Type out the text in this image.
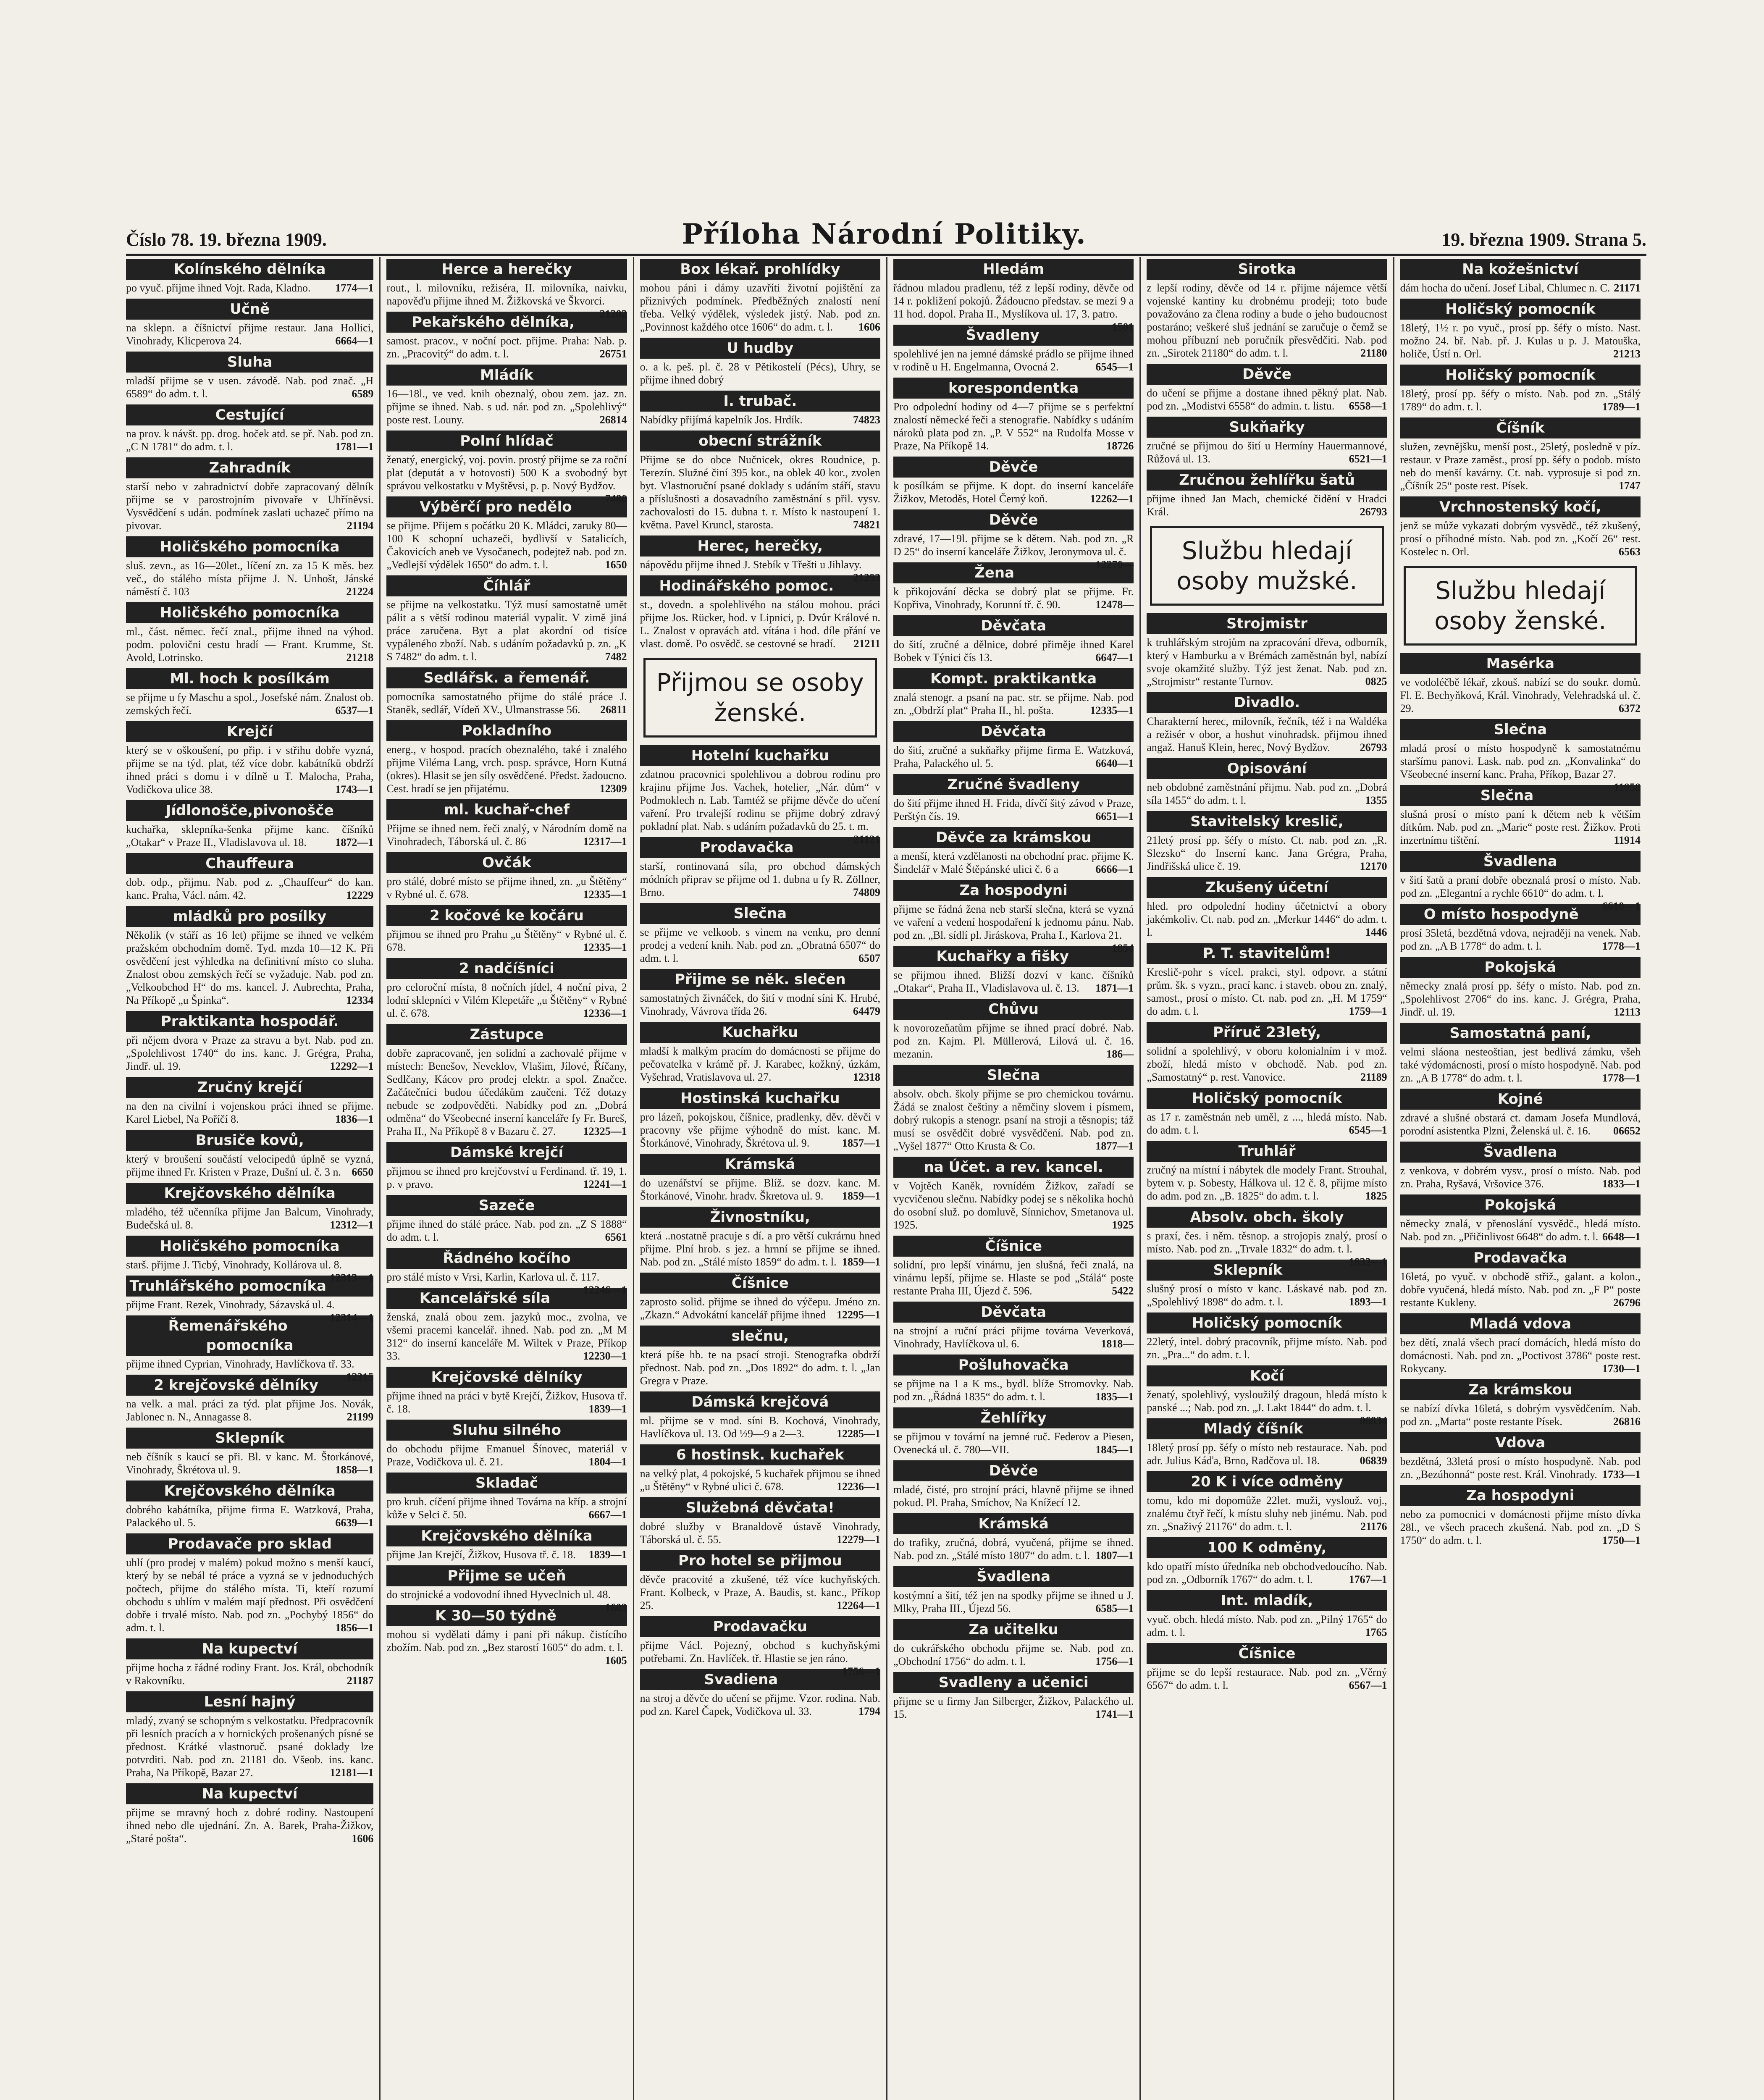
Číslo 78. 19. března 1909.	Příloha Národní Politiky.	19. března 1909. Strana 5.
Kolínského dělníka
po vyuč. přijme ihned Vojt. Rada, Kladno. 1774—1
Učně
na sklepn. a číšnictví přijme restaur. Jana Hollici, Vinohrady, Klicperova 24.	6664—1
Sluha
mladší přijme se v usen. závodě. Nab. pod znač. „H 6589“ do adm. t. l.	6589
Cestující
na prov. k návšt. pp. drog. hoček atd. se př. Nab. pod zn. „C N 1781“ do adm. t. l.	1781—1
Zahradník
starší nebo v zahradnictví dobře zapracovaný dělník přijme se v parostrojním pivovaře v Uhříněvsi. Vysvědčení s udán. podmínek zaslati uchazeč přímo na pivovar.	21194
Holičského pomocníka
sluš. zevn., as 16—20let., líčení zn. za 15 K měs. bez več., do stálého místa přijme J. N. Unhošt, Jánské náměstí č. 103	21224
Holičského pomocníka
ml., část. němec. řečí znal., přijme ihned na výhod. podm. polovični cestu hradí — Frant. Krumme, St. Avold, Lotrinsko.	21218
Ml. hoch k posílkám
se přijme u fy Maschu a spol., Josefské nám. Znalost ob. zemských řečí.	6537—1
Krejčí
který se v oškoušení, po přip. i v střihu dobře vyzná, přijme se na týd. plat, též více dobr. kabátníků obdrží ihned práci s domu i v dílně u T. Malocha, Praha, Vodičkova ulice 38.	1743—1
Jídlonošče,pivonošče
kuchařka, sklepníka-šenka přijme kanc. číšníků „Otakar“ v Praze II., Vladislavova ul. 18.	1872—1
Chauffeura
dob. odp., přijmu. Nab. pod z. „Chauffeur“ do kan. kanc. Praha, Václ. nám. 42.	12229
mládků pro posílky
Několik (v stáří as 16 let) přijme se ihned ve velkém pražském obchodním domě. Tyd. mzda 10—12 K. Při osvědčení jest výhledka na definitivní místo co sluha. Znalost obou zemských řečí se vyžaduje. Nab. pod zn. „Velkoobchod H“ do ms. kancel. J. Aubrechta, Praha, Na Příkopě „u Špinka“.	12334
Praktikanta hospodář.
při nějem dvora v Praze za stravu a byt. Nab. pod zn. „Spolehlivost 1740“ do ins. kanc. J. Grégra, Praha, Jindř. ul. 19.	12292—1
Zručný krejčí
na den na civilní i vojenskou práci ihned se přijme. Karel Liebel, Na Poříčí 8.	1836—1
Brusiče kovů,
který v broušení součástí velocipedů úplně se vyzná, přijme ihned Fr. Kristen v Praze, Dušní ul. č. 3 n. 6650
Krejčovského dělníka
mladého, též učenníka přijme Jan Balcum, Vinohrady, Budečská ul. 8.	12312—1
Holičského pomocníka
starš. přijme J. Ticbý, Vinohrady, Kollárova ul. 8.
12313—1
Truhlářského pomocníka
přijme Frant. Rezek, Vinohrady, Sázavská ul. 4.
12314—1
Řemenářského pomocníka
přijme ihned Cyprian, Vinohrady, Havlíčkova tř. 33.
12315
2 krejčovské dělníky
na velk. a mal. práci za týd. plat přijme Jos. Novák, Jablonec n. N., Annagasse 8.	21199
Sklepník
neb číšník s kaucí se při. Bl. v kanc. M. Štorkánové, Vinohrady, Škrétova ul. 9.	1858—1
Krejčovského dělníka
dobrého kabátníka, přijme firma E. Watzková, Praha, Palackého ul. 5.	6639—1
Prodavače pro sklad
uhlí (pro prodej v malém) pokud možno s menší kaucí, který by se nebál té práce a vyzná se v jednoduchých počtech, přijme do stálého místa. Ti, kteří rozumí obchodu s uhlím v malém mají přednost. Při osvědčení dobře i trvalé místo. Nab. pod zn. „Pochybý 1856“ do adm. t. l.	1856—1
Na kupectví
přijme hocha z řádné rodiny Frant. Jos. Král, obchodník v Rakovníku.	21187
Lesní hajný
mladý, zvaný se schopným s velkostatku. Předpracovník při lesních pracích a v hornických prošenaných písné se přednost. Krátké vlastnoruč. psané doklady lze potvrditi. Nab. pod zn. 21181 do. Všeob. ins. kanc. Praha, Na Příkopě, Bazar 27.	12181—1
Na kupectví
přijme se mravný hoch z dobré rodiny. Nastoupení ihned nebo dle ujednání. Zn. A. Barek, Praha-Žižkov, „Staré pošta“.	1606
Herce a herečky
rout., l. milovníku, režiséra, II. milovníka, naivku, napověďu přijme ihned M. Žižkovská ve Škvorci.
21202
Pekařského dělníka,
samost. pracov., v noční poct. přijme. Praha: Nab. p. zn. „Pracovitý“ do adm. t. l.	26751
Mládík
16—18l., ve ved. knih obeznalý, obou zem. jaz. zn. přijme se ihned. Nab. s ud. nár. pod zn. „Spolehlivý“ poste rest. Louny.	26814
Polní hlídač
ženatý, energický, voj. povin. prostý přijme se za roční plat (deputát a v hotovosti) 500 K a svobodný byt správou velkostatku v Myštěvsi, p. p. Nový Bydžov.
7480
Výběrčí pro nedělo
se přijme. Přijem s počátku 20 K. Mládci, zaruky 80—100 K schopní uchazeči, bydlivší v Satalicích, Čakovicích aneb ve Vysočanech, podejtež nab. pod zn. „Vedlejší výdělek 1650“ do adm. t. l.	1650
Číhlář
se přijme na velkostatku. Týž musí samostatně umět pálit a s větší rodinou materiál vypalit. V zimě jiná práce zaručena. Byt a plat akordní od tisíce vypáleného zboží. Nab. s udáním požadavků p. zn. „K S 7482“ do adm. t. l.	7482
Sedlářsk. a řemenář.
pomocníka samostatného přijme do stálé práce J. Staněk, sedlář, Vídeň XV., Ulmanstrasse 56. 26811
Pokladního
energ., v hospod. pracích obeznalého, také i znalého přijme Viléma Lang, vrch. posp. správce, Horn Kutná (okres). Hlasit se jen síly osvědčené. Předst. žadoucno. Cest. hradí se jen přijatému.	12309
ml. kuchař-chef
Přijme se ihned nem. řeči znalý, v Národním domě na Vinohradech, Táborská ul. č. 86	12317—1
Ovčák
pro stálé, dobré místo se přijme ihned, zn. „u Štětěny“ v Rybné ul. č. 678.	12335—1
2 kočové ke kočáru
přijmou se ihned pro Prahu „u Štětěny“ v Rybné ul. č. 678.	12335—1
2 nadčíšníci
pro celoroční místa, 8 nočních jídel, 4 noční piva, 2 lodní sklepníci v Vilém Klepetáře „u Štětěny“ v Rybné ul. č. 678.	12336—1
Zástupce
dobře zapracovaně, jen solidní a zachovalé přijme v místech: Benešov, Neveklov, Vlašim, Jílové, Říčany, Sedlčany, Kácov pro prodej elektr. a spol. Značce. Začátečníci budou účedákům zaučeni. Též dotazy nebude se zodpověděti. Nabídky pod zn. „Dobrá odměna“ do Všeobecné inserní kanceláře fy Fr. Bureš, Praha II., Na Příkopě 8 v Bazaru č. 27.	12325—1
Dámské krejčí
přijmou se ihned pro krejčovství u Ferdinand. tř. 19, 1. p. v pravo.	12241—1
Sazeče
přijme ihned do stálé práce. Nab. pod zn. „Z S 1888“ do adm. t. l.	6561
Řádného kočího
pro stálé místo v Vrsi, Karlin, Karlova ul. č. 117.
12246—1
Kancelářské síla
ženská, znalá obou zem. jazyků moc., zvolna, ve všemi pracemi kancelář. ihned. Nab. pod zn. „M M 312“ do inserní kanceláře M. Wiltek v Praze, Příkop 33.	12230—1
Krejčovské dělníky
přijme ihned na práci v bytě Krejčí, Žižkov, Husova tř. č. 18.	1839—1
Sluhu silného
do obchodu přijme Emanuel Šínovec, materiál v Praze, Vodičkova ul. č. 21.	1804—1
Skladač
pro kruh. cíčení přijme ihned Továrna na kříp. a strojní kůže v Selci č. 50.	6667—1
Krejčovského dělníka
přijme Jan Krejčí, Žižkov, Husova tř. č. 18. 1839—1
Přijme se učeň
do strojnické a vodovodní ihned Hyveclnich ul. 48.
1603
K 30—50 týdně
mohou si vydělati dámy i pani při nákup. čistícího zbožím. Nab. pod zn. „Bez starostí 1605“ do adm. t. l.
1605
Box lékař. prohlídky
mohou páni i dámy uzavříti životní pojištění za přiznivých podmínek. Předběžných znalostí není třeba. Velký výdělek, výsledek jistý. Nab. pod zn. „Povinnost každého otce 1606“ do adm. t. l. 1606
U hudby
o. a k. peš. pl. č. 28 v Pětikostelí (Pécs), Uhry, se přijme ihned dobrý
I. trubač.
Nabídky přijímá kapelník Jos. Hrdík.	74823
obecní strážník
Přijme se do obce Nučnicek, okres Roudnice, p. Terezín. Služné činí 395 kor., na oblek 40 kor., zvolen byt. Vlastnoruční psané doklady s udáním stáří, stavu a příslušnosti a dosavadního zaměstnání s přil. vysv. zachovalosti do 15. dubna t. r. Místo k nastoupení 1. května. Pavel Kruncl, starosta.	74821
Herec, herečky,
nápovědu přijme ihned J. Stebík v Třešti u Jihlavy.
21293
Hodinářského pomoc.
st., dovedn. a spolehlivého na stálou mohou. práci přijme Jos. Rücker, hod. v Lipnici, p. Dvůr Králové n. L. Znalost v opravách atd. vítána i hod. díle přání ve vlast. domě. Po osvědč. se cestovné se hradí. 21211
Přijmou se osoby ženské.
Hotelní kuchařku
zdatnou pracovnici spolehlivou a dobrou rodinu pro krajinu přijme Jos. Vachek, hotelier, „Nár. dům“ v Podmoklech n. Lab. Tamtéž se přijme děvče do učení vaření. Pro trvalejší rodinu se přijme dobrý zdravý pokladní plat. Nab. s udáním požadavků do 25. t. m.
21121
Prodavačka
starší, rontinovaná síla, pro obchod dámských módních připrav se přijme od 1. dubna u fy R. Zöllner, Brno.	74809
Slečna
se přijme ve velkoob. s vinem na venku, pro denní prodej a vedení knih. Nab. pod zn. „Obratná 6507“ do adm. t. l.	6507
Přijme se něk. slečen
samostatných živnáček, do šití v modní síni K. Hrubé, Vinohrady, Vávrova třída 26.	64479
Kuchařku
mladší k malkým pracím do domácnosti se přijme do pečovatelka v krámě př. J. Karabec, kožkný, úzkám, Vyšehrad, Vratislavova ul. 27.	12318
Hostinská kuchařku
pro lázeň, pokojskou, číšnice, pradlenky, děv. děvči v pracovny vše přijme výhodně do míst. kanc. M. Štorkánové, Vinohrady, Škrétova ul. 9.	1857—1
Krámská
do uzenářství se přijme. Blíž. se dozv. kanc. M. Štorkánové, Vinohr. hradv. Škretova ul. 9. 1859—1
Živnostníku,
která ..nostatně pracuje s dí. a pro větší cukrárnu hned přijme. Plní hrob. s jez. a hrnní se přijme se ihned. Nab. pod zn. „Stálé místo 1859“ do adm. t. l. 1859—1
Číšnice
zaprosto solid. přijme se ihned do výčepu. Jméno zn. „Zkazn.“ Advokátní kancelář přijme ihned 12295—1
slečnu,
která píše hb. te na psací stroji. Stenografka obdrží přednost. Nab. pod zn. „Dos 1892“ do adm. t. l. „Jan Gregra v Praze.
Dámská krejčová
ml. přijme se v mod. síni B. Kochová, Vinohrady, Havlíčkova ul. 13. Od ½9—9 a 2—3.	12285—1
6 hostinsk. kuchařek
na velký plat, 4 pokojské, 5 kuchařek přijmou se ihned „u Štětěny“ v Rybné ulici č. 678.	12236—1
Služebná děvčata!
dobré služby v Branaldově ústavě Vinohrady, Táborská ul. č. 55.	12279—1
Pro hotel se přijmou
děvče pracovité a zkušené, též více kuchyňských. Frant. Kolbeck, v Praze, A. Baudis, st. kanc., Příkop 25.	12264—1
Prodavačku
přijme Václ. Pojezný, obchod s kuchyňskými potřebami. Zn. Havlíček. tř. Hlastie se jen ráno.
1756—1
Svadiena
na stroj a děvče do učení se přijme. Vzor. rodina. Nab. pod zn. Karel Čapek, Vodičkova ul. 33.	1794
Hledám
řádnou mladou pradlenu, též z lepší rodiny, děvče od 14 r. pokližení pokojů. Žádoucno představ. se mezi 9 a 11 hod. dopol. Praha II., Myslíkova ul. 17, 3. patro.
1501
Švadleny
spolehlivé jen na jemné dámské prádlo se přijme ihned v rodině u H. Engelmanna, Ovocná 2.	6545—1
korespondentka
Pro odpolední hodiny od 4—7 přijme se s perfektní znalostí německé řeči a stenografie. Nabídky s udáním nároků plata pod zn. „P. V 552“ na Rudolfa Mosse v Praze, Na Příkopě 14.	18726
Děvče
k posílkám se přijme. K dopt. do inserní kanceláře Žižkov, Metoděs, Hotel Černý koň.	12262—1
Děvče
zdravé, 17—19l. přijme se k dětem. Nab. pod zn. „R D 25“ do inserní kanceláře Žižkov, Jeronymova ul. č.
12270—
Žena
k přikojování děcka se dobrý plat se přijme. Fr. Kopřiva, Vinohrady, Korunní tř. č. 90.	12478—
Děvčata
do šití, zručné a dělnice, dobré přiměje ihned Karel Bobek v Týnici čís 13.	6647—1
Kompt. praktikantka
znalá stenogr. a psaní na pac. str. se přijme. Nab. pod zn. „Obdrží plat“ Praha II., hl. pošta.	12335—1
Děvčata
do šití, zručné a sukňařky přijme firma E. Watzková, Praha, Palackého ul. 5.	6640—1
Zručné švadleny
do šití přijme ihned H. Frida, dívčí šitý závod v Praze, Perštýn čís. 19.	6651—1
Děvče za krámskou
a menší, která vzdělanosti na obchodní prac. přijme K. Šindelář v Malé Štěpánské ulici č. 6 a	6666—1
Za hospodyni
přijme se řádná žena neb starší slečna, která se vyzná ve vaření a vedení hospodaření k jednomu pánu. Nab. pod zn. „Bl. sídlí pl. Jiráskova, Praha I., Karlova 21.
1854
Kuchařky a fišky
se přijmou ihned. Bližší dozví v kanc. číšníků „Otakar“, Praha II., Vladislavova ul. č. 13. 1871—1
Chůvu
k novorozeňatům přijme se ihned prací dobré. Nab. pod zn. Kajm. Pl. Müllerová, Lilová ul. č. 16. mezanin.	186—
Slečna
absolv. obch. školy přijme se pro chemickou továrnu. Žádá se znalost češtiny a němčiny slovem i písmem, dobrý rukopis a stenogr. psaní na stroji a těsnopis; táž musí se osvědčit dobré vysvědčení. Nab. pod zn. „Vyšel 1877“ Otto Krusta & Co.	1877—1
na Účet. a rev. kancel.
v Vojtěch Kaněk, rovnídém Žižkov, zařadí se vycvičenou slečnu. Nabídky podej se s několika hochů do osobní služ. po domluvě, Sínnichov, Smetanova ul. 1925.	1925
Číšnice
solidní, pro lepší vinárnu, jen slušná, řeči znalá, na vinárnu lepší, přijme se. Hlaste se pod „Stálá“ poste restante Praha III, Újezd č. 596.	5422
Děvčata
na strojní a ruční práci přijme továrna Veverková, Vinohrady, Havlíčkova ul. 6.	1818—
Pošluhovačka
se přijme na 1 a K ms., bydl. blíže Stromovky. Nab. pod zn. „Řádná 1835“ do adm. t. l.	1835—1
Žehlířky
se přijmou v tovární na jemné ruč. Federov a Piesen, Ovenecká ul. č. 780—VII.	1845—1
Děvče
mladé, čisté, pro strojní práci, hlavně přijme se ihned pokud. Pl. Praha, Smíchov, Na Knížecí 12.
Krámská
do trafiky, zručná, dobrá, vyučená, přijme se ihned. Nab. pod zn. „Stálé místo 1807“ do adm. t. l. 1807—1
Švadlena
kostýmní a šití, též jen na spodky přijme se ihned u J. Mlky, Praha III., Újezd 56.	6585—1
Za učitelku
do cukrářského obchodu přijme se. Nab. pod zn. „Obchodní 1756“ do adm. t. l.	1756—1
Svadleny a učenici
přijme se u firmy Jan Silberger, Žižkov, Palackého ul. 15.	1741—1
Sirotka
z lepší rodiny, děvče od 14 r. přijme nájemce větší vojenské kantiny ku drobnému prodeji; toto bude považováno za člena rodiny a bude o jeho budoucnost postaráno; veškeré sluš jednání se zaručuje o čemž se mohou příbuzní neb poručník přesvědčiti. Nab. pod zn. „Sirotek 21180“ do adm. t. l.	21180
Děvče
do učení se přijme a dostane ihned pěkný plat. Nab. pod zn. „Modistvi 6558“ do admin. t. listu. 6558—1
Sukňařky
zručné se přijmou do šití u Hermíny Hauermannové, Růžová ul. 13.	6521—1
Zručnou žehlířku šatů
přijme ihned Jan Mach, chemické čidění v Hradci Král.	26793
Službu hledají osoby mužské.
Strojmistr
k truhlářským strojům na zpracování dřeva, odborník, který v Hamburku a v Brémách zaměstnán byl, nabízí svoje okamžité služby. Týž jest ženat. Nab. pod zn. „Strojmistr“ restante Turnov.	0825
Divadlo.
Charakterní herec, milovník, řečník, též i na Waldéka a režisér v obor, a hoshut vinohradsk. přijmou ihned angaž. Hanuš Klein, herec, Nový Bydžov.	26793
Opisování
neb obdobné zaměstnání přijmu. Nab. pod zn. „Dobrá síla 1455“ do adm. t. l.	1355
Stavitelský kreslič,
21letý prosí pp. šéfy o místo. Ct. nab. pod zn. „R. Slezsko“ do Inserní kanc. Jana Grégra, Praha, Jindřišská ulice č. 19.	12170
Zkušený účetní
hled. pro odpolední hodiny účetnictví a obory jakémkoliv. Ct. nab. pod zn. „Merkur 1446“ do adm. t. l.	1446
P. T. stavitelům!
Kreslič-pohr s vícel. prakci, styl. odpovr. a státní prům. šk. s vyzn., prací kanc. i staveb. obou zn. znalý, samost., prosí o místo. Ct. nab. pod zn. „H. M 1759“ do adm. t. l.	1759—1
Příruč 23letý,
solidní a spolehlivý, v oboru kolonialním i v mož. zboží, hledá místo v obchodě. Nab. pod zn. „Samostatný“ p. rest. Vanovice.	21189
Holičský pomocník
as 17 r. zaměstnán neb uměl, z ..., hledá místo. Nab. do adm. t. l.	6545—1
Truhlář
zručný na místní i nábytek dle modely Frant. Strouhal, bytem v. p. Sobesty, Hálkova ul. 12 č. 8, přijme místo do adm. pod zn. „B. 1825“ do adm. t. l.	1825
Absolv. obch. školy
s praxí, čes. i něm. těsnop. a strojopis znalý, prosí o místo. Nab. pod zn. „Trvale 1832“ do adm. t. l.
1832—1
Sklepník
slušný prosí o místo v kanc. Láskavé nab. pod zn. „Spolehlivý 1898“ do adm. t. l.	1893—1
Holičský pomocník
22letý, intel. dobrý pracovník, přijme místo. Nab. pod zn. „Pra...“ do adm. t. l.
Kočí
ženatý, spolehlivý, vysloužilý dragoun, hledá místo k panské ...; Nab. pod zn. „J. Lakt 1844“ do adm. t. l.
06834
Mladý číšník
18letý prosí pp. šéfy o místo neb restaurace. Nab. pod adr. Julius Káďa, Brno, Radčova ul. 18.	06839
20 K i více odměny
tomu, kdo mi dopomůže 22let. muži, vyslouž. voj., znalému čtyř řečí, k místu sluhy neb jinému. Nab. pod zn. „Snaživý 21176“ do adm. t. l.	21176
100 K odměny,
kdo opatří místo úředníka neb obchodvedoucího. Nab. pod zn. „Odborník 1767“ do adm. t. l.	1767—1
Int. mladík,
vyuč. obch. hledá místo. Nab. pod zn. „Pilný 1765“ do adm. t. l.	1765
Číšnice
přijme se do lepší restaurace. Nab. pod zn. „Věrný 6567“ do adm. t. l.	6567—1
Na kožešnictví
dám hocha do učení. Josef Libal, Chlumec n. C. 21171
Holičský pomocník
18letý, 1½ r. po vyuč., prosí pp. šéfy o místo. Nast. možno 24. bř. Nab. př. J. Kulas u p. J. Matouška, holiče, Ústí n. Orl.	21213
Holičský pomocník
18letý, prosí pp. šéfy o místo. Nab. pod zn. „Stálý 1789“ do adm. t. l.	1789—1
Číšník
služen, zevnějšku, menší post., 25letý, posledně v píz. restaur. v Praze zaměst., prosí pp. šéfy o podob. místo neb do menší kavárny. Ct. nab. vyprosuje si pod zn. „Číšník 25“ poste rest. Písek.	1747
Vrchnostenský kočí,
jenž se může vykazati dobrým vysvědč., též zkušený, prosí o příhodné místo. Nab. pod zn. „Kočí 26“ rest. Kostelec n. Orl.	6563
Službu hledají osoby ženské.
Masérka
ve vodoléčbě lékař, zkouš. nabízí se do soukr. domů. Fl. E. Bechyňková, Král. Vinohrady, Velehradská ul. č. 29.	6372
Slečna
mladá prosí o místo hospodyně k samostatnému staršímu panovi. Lask. nab. pod zn. „Konvalinka“ do Všeobecné inserní kanc. Praha, Příkop, Bazar 27.
11958
Slečna
slušná prosí o místo paní k dětem neb k větším dítkům. Nab. pod zn. „Marie“ poste rest. Žižkov. Proti inzertnímu tištění.	11914
Švadlena
v šití šatů a praní dobře obeznalá prosí o místo. Nab. pod zn. „Elegantní a rychle 6610“ do adm. t. l.
6610—1
O místo hospodyně
prosí 35letá, bezdětná vdova, nejraději na venek. Nab. pod zn. „A B 1778“ do adm. t. l.	1778—1
Pokojská
německy znalá prosí pp. šéfy o místo. Nab. pod zn. „Spolehlivost 2706“ do ins. kanc. J. Grégra, Praha, Jindř. ul. 19.	12113
Samostatná paní,
velmi sláona nesteoštian, jest bedlivá zámku, všeh také výdomácnosti, prosí o místo hospodyně. Nab. pod zn. „A B 1778“ do adm. t. l.	1778—1
Kojné
zdravé a slušné obstará ct. damam Josefa Mundlová, porodní asistentka Plzni, Želenská ul. č. 16. 06652
Švadlena
z venkova, v dobrém vysv., prosí o místo. Nab. pod zn. Praha, Ryšavá, Vršovice 376.	1833—1
Pokojská
německy znalá, v přenoslání vysvědč., hledá místo. Nab. pod zn. „Přičinlivost 6648“ do adm. t. l. 6648—1
Prodavačka
16letá, po vyuč. v obchodě střiž., galant. a kolon., dobře vyučená, hledá místo. Nab. pod zn. „F P“ poste restante Kukleny.	26796
Mladá vdova
bez dětí, znalá všech prací domácích, hledá místo do domácnosti. Nab. pod zn. „Poctivost 3786“ poste rest. Rokycany.	1730—1
Za krámskou
se nabízí dívka 16letá, s dobrým vysvědčením. Nab. pod zn. „Marta“ poste restante Písek.	26816
Vdova
bezdětná, 33letá prosí o místo hospodyně. Nab. pod zn. „Bezúhonná“ poste rest. Král. Vinohrady. 1733—1
Za hospodyni
nebo za pomocnici v domácnosti přijme místo dívka 28l., ve všech pracech zkušená. Nab. pod zn. „D S 1750“ do adm. t. l.	1750—1
